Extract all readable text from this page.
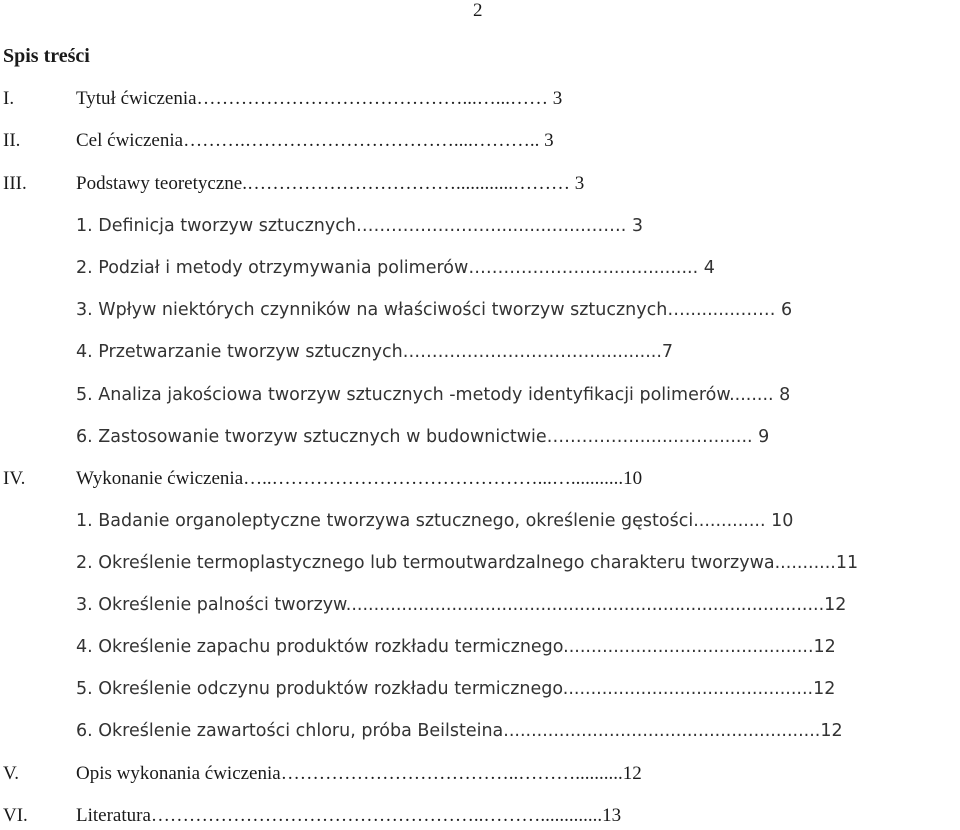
2
Spis treści
I.	Tytuł ćwiczenia……………………………………...…...…… 3
II.	Cel ćwiczenia……….……………………………....……….. 3
III.	Podstawy teoretyczne.……………………………............……… 3
1. Definicja tworzyw sztucznych……………………..........…...……. 3
2. Podział i metody otrzymywania polimerów……………………...….......... 4
3. Wpływ niektórych czynników na właściwości tworzyw sztucznych…..........…… 6
4. Przetwarzanie tworzyw sztucznych……………………………............7
5. Analiza jakościowa tworzyw sztucznych -metody identyfikacji polimerów........ 8
6. Zastosowanie tworzyw sztucznych w budownictwie……………........……....... 9
IV.	Wykonanie ćwiczenia…..……………………………………...…...........10
1. Badanie organoleptyczne tworzywa sztucznego, określenie gęstości............. 10
2. Określenie termoplastycznego lub termoutwardzalnego charakteru tworzywa...........11
3. Określenie palności tworzyw......................................................................................12
4. Określenie zapachu produktów rozkładu termicznego.............................................12
5. Określenie odczynu produktów rozkładu termicznego.............................................12
6. Określenie zawartości chloru, próba Beilsteina.........................................................12
V.	Opis wykonania ćwiczenia………………………………..………..........12
VI.	Literatura……………………………………………..……….............13
